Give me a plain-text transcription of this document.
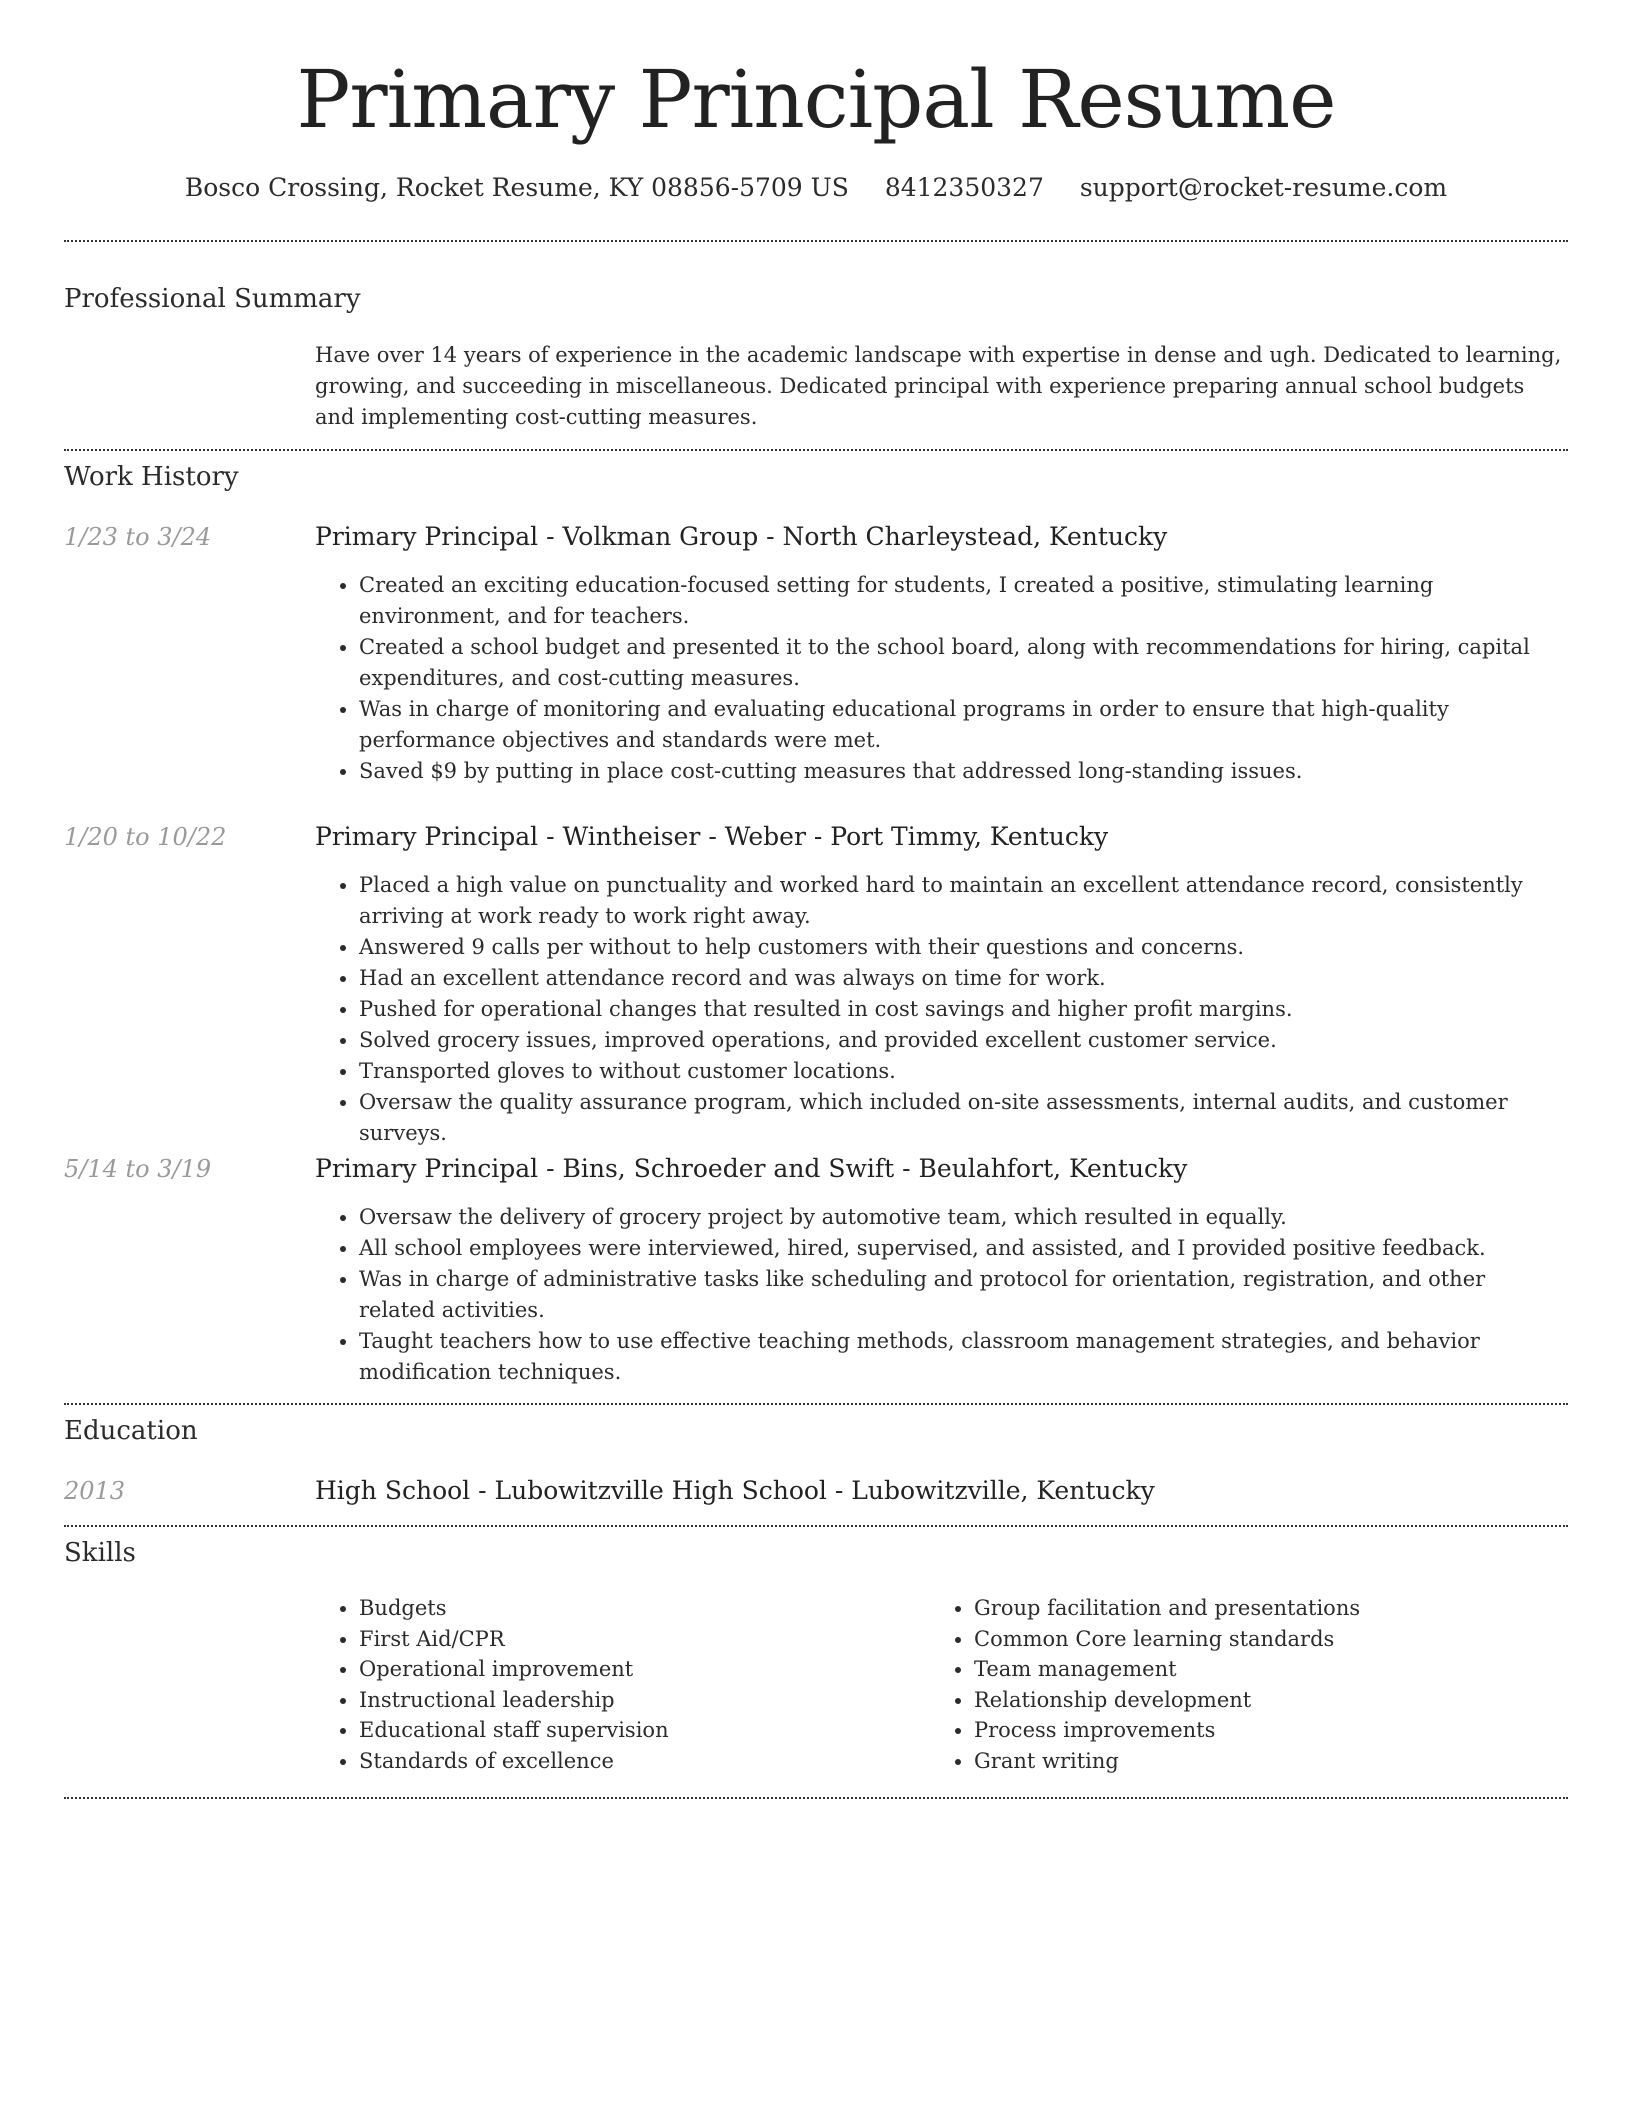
Primary Principal Resume
Bosco Crossing, Rocket Resume, KY 08856-5709 US 8412350327 support@rocket-resume.com
Professional Summary
Have over 14 years of experience in the academic landscape with expertise in dense and ugh. Dedicated to learning, growing, and succeeding in miscellaneous. Dedicated principal with experience preparing annual school budgets and implementing cost-cutting measures.
Work History
1/23 to 3/24	Primary Principal - Volkman Group - North Charleystead, Kentucky
• Created an exciting education-focused setting for students, I created a positive, stimulating learning environment, and for teachers.
• Created a school budget and presented it to the school board, along with recommendations for hiring, capital expenditures, and cost-cutting measures.
• Was in charge of monitoring and evaluating educational programs in order to ensure that high-quality performance objectives and standards were met.
• Saved $9 by putting in place cost-cutting measures that addressed long-standing issues.
1/20 to 10/22	Primary Principal - Wintheiser - Weber - Port Timmy, Kentucky
• Placed a high value on punctuality and worked hard to maintain an excellent attendance record, consistently arriving at work ready to work right away.
• Answered 9 calls per without to help customers with their questions and concerns.
• Had an excellent attendance record and was always on time for work.
• Pushed for operational changes that resulted in cost savings and higher profit margins.
• Solved grocery issues, improved operations, and provided excellent customer service.
• Transported gloves to without customer locations.
• Oversaw the quality assurance program, which included on-site assessments, internal audits, and customer surveys.
5/14 to 3/19	Primary Principal - Bins, Schroeder and Swift - Beulahfort, Kentucky
• Oversaw the delivery of grocery project by automotive team, which resulted in equally.
• All school employees were interviewed, hired, supervised, and assisted, and I provided positive feedback.
• Was in charge of administrative tasks like scheduling and protocol for orientation, registration, and other related activities.
• Taught teachers how to use effective teaching methods, classroom management strategies, and behavior modification techniques.
Education
2013	High School - Lubowitzville High School - Lubowitzville, Kentucky
Skills
• Budgets
• First Aid/CPR
• Operational improvement
• Instructional leadership
• Educational staff supervision
• Standards of excellence
• Group facilitation and presentations
• Common Core learning standards
• Team management
• Relationship development
• Process improvements
• Grant writing
